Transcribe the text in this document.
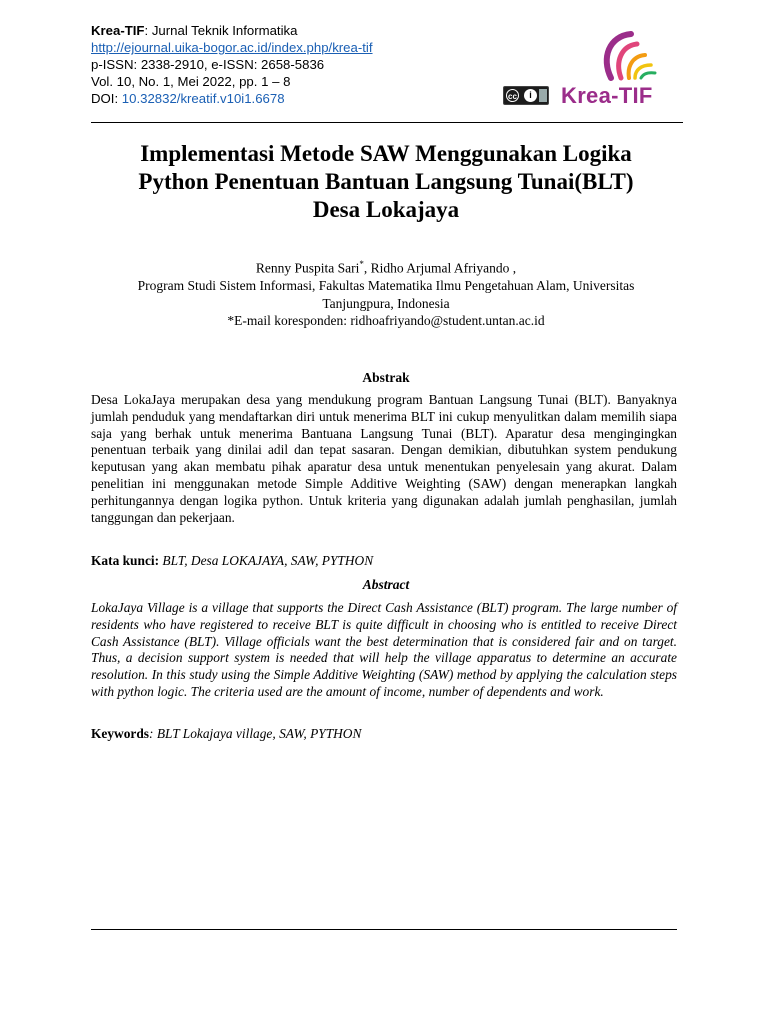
Krea-TIF: Jurnal Teknik Informatika
http://ejournal.uika-bogor.ac.id/index.php/krea-tif
p-ISSN: 2338-2910, e-ISSN: 2658-5836
Vol. 10, No. 1, Mei 2022, pp. 1 – 8
DOI: 10.32832/kreatif.v10i1.6678	cc	i Krea-TIF
Implementasi Metode SAW Menggunakan Logika
Python Penentuan Bantuan Langsung Tunai(BLT)
Desa Lokajaya
Renny Puspita Sari*, Ridho Arjumal Afriyando ,
Program Studi Sistem Informasi, Fakultas Matematika Ilmu Pengetahuan Alam, Universitas
Tanjungpura, Indonesia
*E-mail koresponden: ridhoafriyando@student.untan.ac.id
Abstrak
Desa LokaJaya merupakan desa yang mendukung program Bantuan Langsung Tunai (BLT). Banyaknya jumlah penduduk yang mendaftarkan diri untuk menerima BLT ini cukup menyulitkan dalam memilih siapa saja yang berhak untuk menerima Bantuana Langsung Tunai (BLT). Aparatur desa mengingingkan penentuan terbaik yang dinilai adil dan tepat sasaran. Dengan demikian, dibutuhkan system pendukung keputusan yang akan membatu pihak aparatur desa untuk menentukan penyelesain yang akurat. Dalam penelitian ini menggunakan metode Simple Additive Weighting (SAW) dengan menerapkan langkah perhitungannya dengan logika python. Untuk kriteria yang digunakan adalah jumlah penghasilan, jumlah tanggungan dan pekerjaan.
Kata kunci: BLT, Desa LOKAJAYA, SAW, PYTHON
Abstract
LokaJaya Village is a village that supports the Direct Cash Assistance (BLT) program. The large number of residents who have registered to receive BLT is quite difficult in choosing who is entitled to receive Direct Cash Assistance (BLT). Village officials want the best determination that is considered fair and on target. Thus, a decision support system is needed that will help the village apparatus to determine an accurate resolution. In this study using the Simple Additive Weighting (SAW) method by applying the calculation steps with python logic. The criteria used are the amount of income, number of dependents and work.
Keywords: BLT Lokajaya village, SAW, PYTHON
